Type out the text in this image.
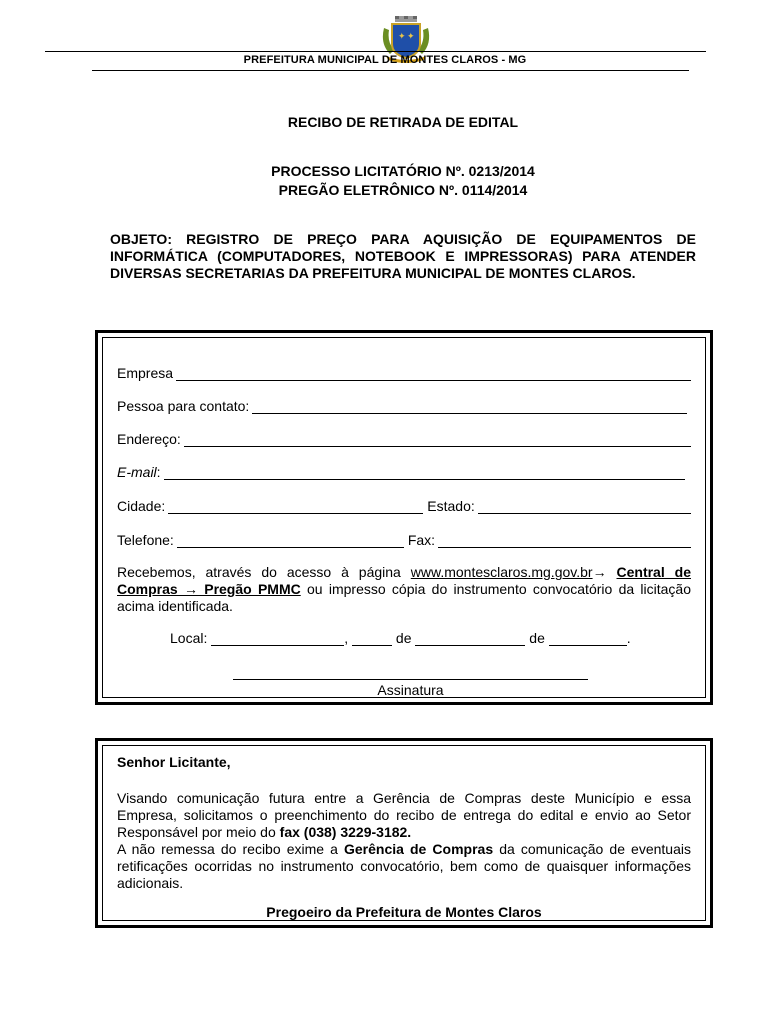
✦ ✦
PREFEITURA MUNICIPAL DE MONTES CLAROS - MG
RECIBO DE RETIRADA DE EDITAL
PROCESSO LICITATÓRIO Nº. 0213/2014
PREGÃO ELETRÔNICO Nº. 0114/2014
OBJETO: REGISTRO DE PREÇO PARA AQUISIÇÃO DE EQUIPAMENTOS DE INFORMÁTICA (COMPUTADORES, NOTEBOOK E IMPRESSORAS) PARA ATENDER DIVERSAS SECRETARIAS DA PREFEITURA MUNICIPAL DE MONTES CLAROS.
Empresa
Pessoa para contato:
Endereço:
E-mail :
Cidade:	Estado:
Telefone:	Fax:
Recebemos, através do acesso à página www.montesclaros.mg.gov.br→ Central de Compras → Pregão PMMC ou impresso cópia do instrumento convocatório da licitação acima identificada.
Local:
	,

	de

	de
	.
Assinatura
Senhor Licitante,
Visando comunicação futura entre a Gerência de Compras deste Município e essa Empresa, solicitamos o preenchimento do recibo de entrega do edital e envio ao Setor Responsável por meio do fax (038) 3229-3182.
A não remessa do recibo exime a Gerência de Compras da comunicação de eventuais retificações ocorridas no instrumento convocatório, bem como de quaisquer informações adicionais.
Pregoeiro da Prefeitura de Montes Claros
